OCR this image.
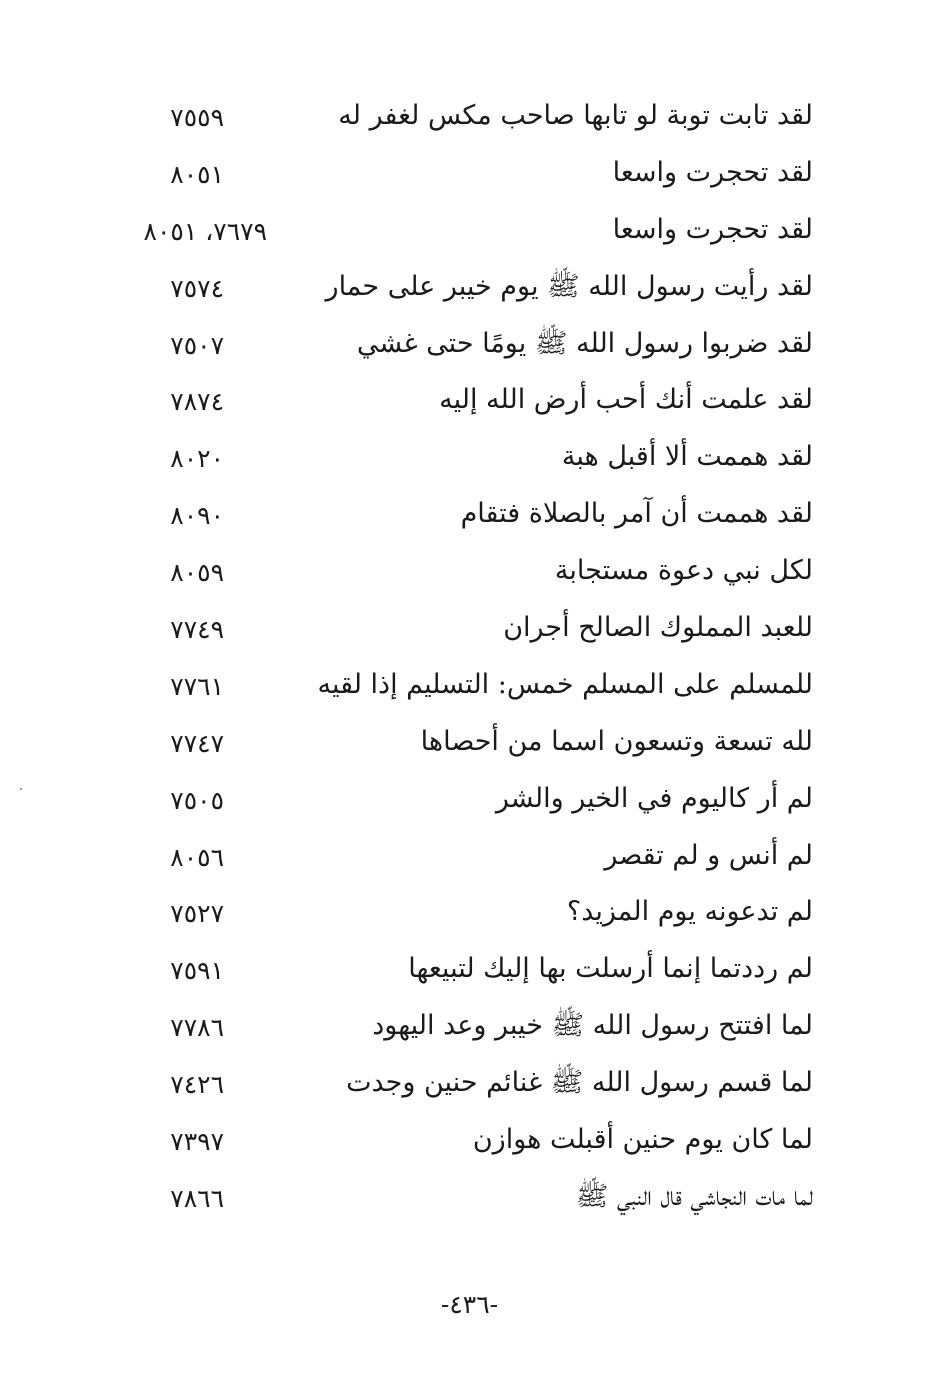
لقد تابت توبة لو تابها صاحب مكس لغفر له
٧٥٥٩
لقد تحجرت واسعا
٨٠٥١
لقد تحجرت واسعا
٧٦٧٩، ٨٠٥١
لقد رأيت رسول الله ﷺ يوم خيبر على حمار
٧٥٧٤
لقد ضربوا رسول الله ﷺ يومًا حتى غشي
٧٥٠٧
لقد علمت أنك أحب أرض الله إليه
٧٨٧٤
لقد هممت ألا أقبل هبة
٨٠٢٠
لقد هممت أن آمر بالصلاة فتقام
٨٠٩٠
لكل نبي دعوة مستجابة
٨٠٥٩
للعبد المملوك الصالح أجران
٧٧٤٩
للمسلم على المسلم خمس: التسليم إذا لقيه
٧٧٦١
لله تسعة وتسعون اسما من أحصاها
٧٧٤٧
لم أر كاليوم في الخير والشر
٧٥٠٥
لم أنس و لم تقصر
٨٠٥٦
لم تدعونه يوم المزيد؟
٧٥٢٧
لم رددتما إنما أرسلت بها إليك لتبيعها
٧٥٩١
لما افتتح رسول الله ﷺ خيبر وعد اليهود
٧٧٨٦
لما قسم رسول الله ﷺ غنائم حنين وجدت
٧٤٢٦
لما كان يوم حنين أقبلت هوازن
٧٣٩٧
لما مات النجاشي قال النبي ﷺ
٧٨٦٦
-٤٣٦-
